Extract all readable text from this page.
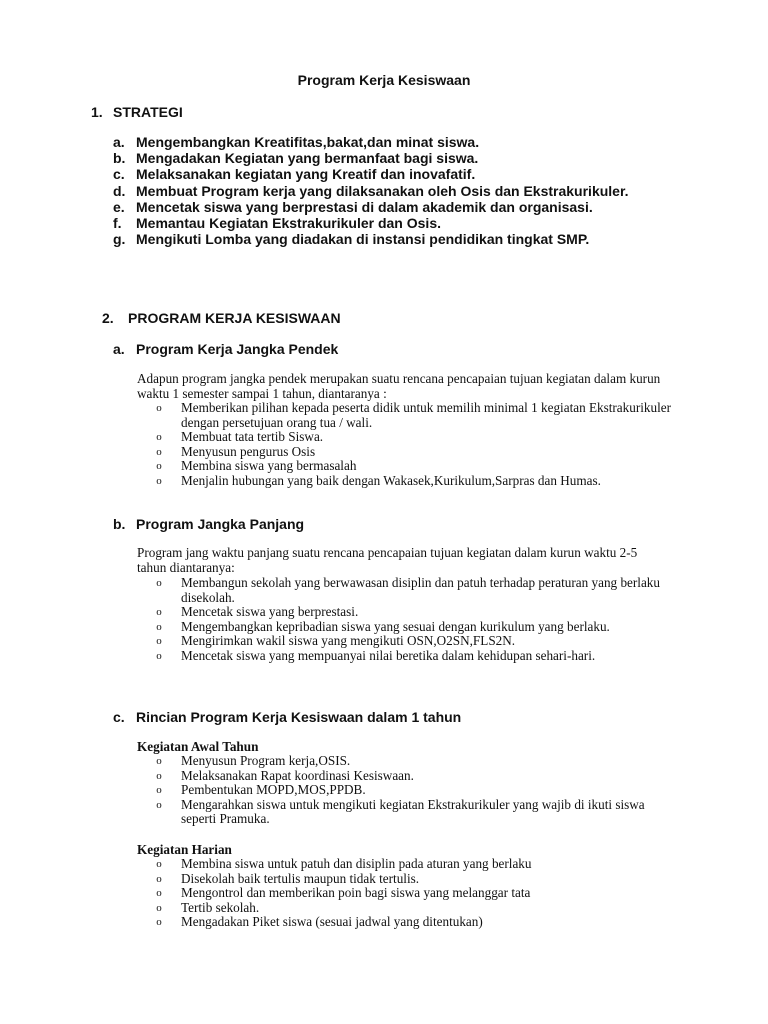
Program Kerja Kesiswaan
1. STRATEGI
a. Mengembangkan Kreatifitas,bakat,dan minat siswa.
b. Mengadakan Kegiatan yang bermanfaat bagi siswa.
c. Melaksanakan kegiatan yang Kreatif dan inovafatif.
d. Membuat Program kerja yang dilaksanakan oleh Osis dan Ekstrakurikuler.
e. Mencetak siswa yang berprestasi di dalam akademik dan organisasi.
f.	Memantau Kegiatan Ekstrakurikuler dan Osis.
g. Mengikuti Lomba yang diadakan di instansi pendidikan tingkat SMP.
2. PROGRAM KERJA KESISWAAN
a. Program Kerja Jangka Pendek
Adapun program jangka pendek merupakan suatu rencana pencapaian tujuan kegiatan dalam kurun waktu 1 semester sampai 1 tahun, diantaranya :
o	Memberikan pilihan kepada peserta didik untuk memilih minimal 1 kegiatan Ekstrakurikuler dengan persetujuan orang tua / wali.
o	Membuat tata tertib Siswa.
o	Menyusun pengurus Osis
o	Membina siswa yang bermasalah
o	Menjalin hubungan yang baik dengan Wakasek,Kurikulum,Sarpras dan Humas.
b. Program Jangka Panjang
Program jang waktu panjang suatu rencana pencapaian tujuan kegiatan dalam kurun waktu 2-5 tahun diantaranya:
o	Membangun sekolah yang berwawasan disiplin dan patuh terhadap peraturan yang berlaku disekolah.
o	Mencetak siswa yang berprestasi.
o	Mengembangkan kepribadian siswa yang sesuai dengan kurikulum yang berlaku.
o	Mengirimkan wakil siswa yang mengikuti OSN,O2SN,FLS2N.
o	Mencetak siswa yang mempuanyai nilai beretika dalam kehidupan sehari-hari.
c. Rincian Program Kerja Kesiswaan dalam 1 tahun
Kegiatan Awal Tahun
o	Menyusun Program kerja,OSIS.
o	Melaksanakan Rapat koordinasi Kesiswaan.
o	Pembentukan MOPD,MOS,PPDB.
o	Mengarahkan siswa untuk mengikuti kegiatan Ekstrakurikuler yang wajib di ikuti siswa seperti Pramuka.
Kegiatan Harian
o	Membina siswa untuk patuh dan disiplin pada aturan yang berlaku
o	Disekolah baik tertulis maupun tidak tertulis.
o	Mengontrol dan memberikan poin bagi siswa yang melanggar tata
o	Tertib sekolah.
o	Mengadakan Piket siswa (sesuai jadwal yang ditentukan)
